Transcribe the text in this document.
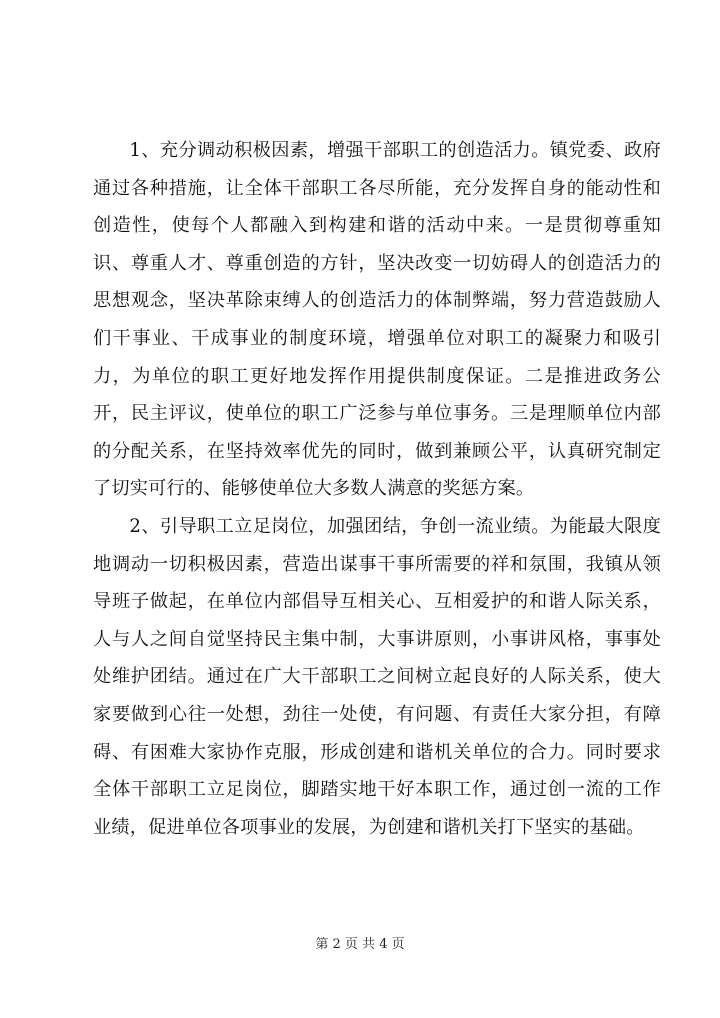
1、充分调动积极因素，增强干部职工的创造活力。镇党委、政府通过各种措施，让全体干部职工各尽所能，充分发挥自身的能动性和创造性，使每个人都融入到构建和谐的活动中来。一是贯彻尊重知识、尊重人才、尊重创造的方针，坚决改变一切妨碍人的创造活力的思想观念，坚决革除束缚人的创造活力的体制弊端，努力营造鼓励人们干事业、干成事业的制度环境，增强单位对职工的凝聚力和吸引力，为单位的职工更好地发挥作用提供制度保证。二是推进政务公开，民主评议，使单位的职工广泛参与单位事务。三是理顺单位内部的分配关系，在坚持效率优先的同时，做到兼顾公平，认真研究制定了切实可行的、能够使单位大多数人满意的奖惩方案。

2、引导职工立足岗位，加强团结，争创一流业绩。为能最大限度地调动一切积极因素，营造出谋事干事所需要的祥和氛围，我镇从领导班子做起，在单位内部倡导互相关心、互相爱护的和谐人际关系，人与人之间自觉坚持民主集中制，大事讲原则，小事讲风格，事事处处维护团结。通过在广大干部职工之间树立起良好的人际关系，使大家要做到心往一处想，劲往一处使，有问题、有责任大家分担，有障碍、有困难大家协作克服，形成创建和谐机关单位的合力。同时要求全体干部职工立足岗位，脚踏实地干好本职工作，通过创一流的工作业绩，促进单位各项事业的发展，为创建和谐机关打下坚实的基础。

第 2 页 共 4 页
